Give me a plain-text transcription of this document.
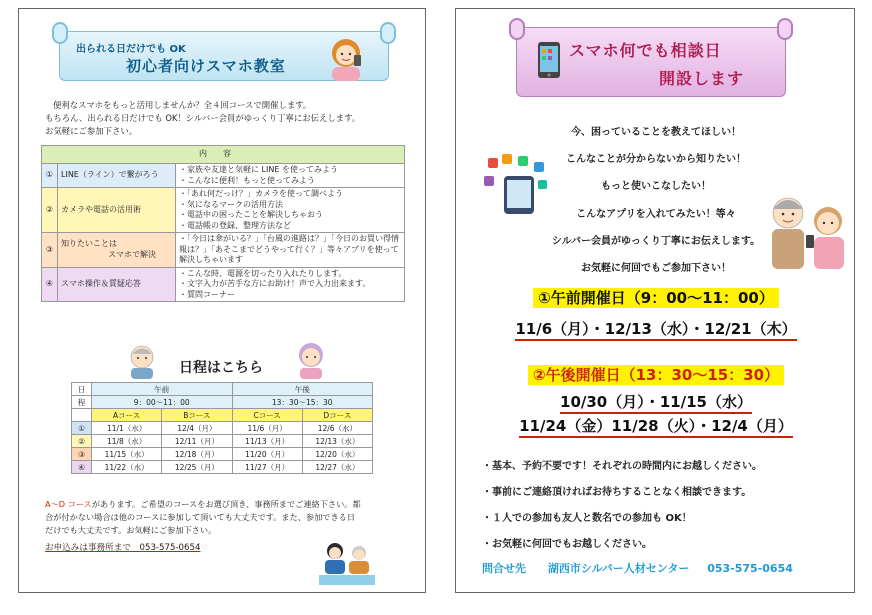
出られる日だけでも OK
初心者向けスマホ教室
便利なスマホをもっと活用しませんか？全４回コースで開催します。
もちろん、出られる日だけでも OK！シルバー会員がゆっくり丁寧にお伝えします。
お気軽にご参加下さい。
内容		
①	LINE（ライン）で繋がろう	・家族や友達と気軽に LINE を使ってみよう
・こんなに便利！もっと使ってみよう

②	カメラや電話の活用術	・「あれ何だっけ？」カメラを使って調べよう
・気になるマークの活用方法
・電話中の困ったことを解決しちゃおう
・電話帳の登録、整理方法など

③	知りたいことは
スマホで解決	・「今日は傘がいる？」「台風の進路は？」「今日のお買い得情報は？」「あそこまでどうやって行く？」等々アプリを使って解決しちゃいます

④	スマホ操作＆質疑応答	・こんな時、電源を切ったり入れたりします。
・文字入力が苦手な方にお助け！声で入力出来ます。
・質問コーナー
日程はこちら
日	午前		午後	
程	9：00〜11：00		13：30〜15：30	
	Aコース	Bコース	Cコース	Dコース
①	11/1（水）	12/4（月）	11/6（月）	12/6（水）
②	11/8（水）	12/11（月）	11/13（月）	12/13（水）
③	11/15（水）	12/18（月）	11/20（月）	12/20（水）
④	11/22（水）	12/25（月）	11/27（月）	12/27（水）
A〜D コースがあります。ご希望のコースをお選び頂き、事務所までご連絡下さい。都
合が付かない場合は他のコースに参加して頂いても大丈夫です。また、参加できる日
だけでも大丈夫です。お気軽にご参加下さい。
お申込みは事務所まで　053-575-0654
スマホ何でも相談日
開設します
今、困っていることを教えてほしい！
こんなことが分からないから知りたい！
もっと使いこなしたい！
こんなアプリを入れてみたい！等々
シルバー会員がゆっくり丁寧にお伝えします。
お気軽に何回でもご参加下さい！
①午前開催日（9：00〜11：00）
11/6（月）・12/13（水）・12/21（木）
②午後開催日（13：30〜15：30）
10/30（月）・11/15（水）
11/24（金）11/28（火）・12/4（月）
・基本、予約不要です！それぞれの時間内にお越しください。
・事前にご連絡頂ければお待ちすることなく相談できます。
・１人での参加も友人と数名での参加も OK！
・お気軽に何回でもお越しください。
問合せ先 湖西市シルバー人材センター 053-575-0654
